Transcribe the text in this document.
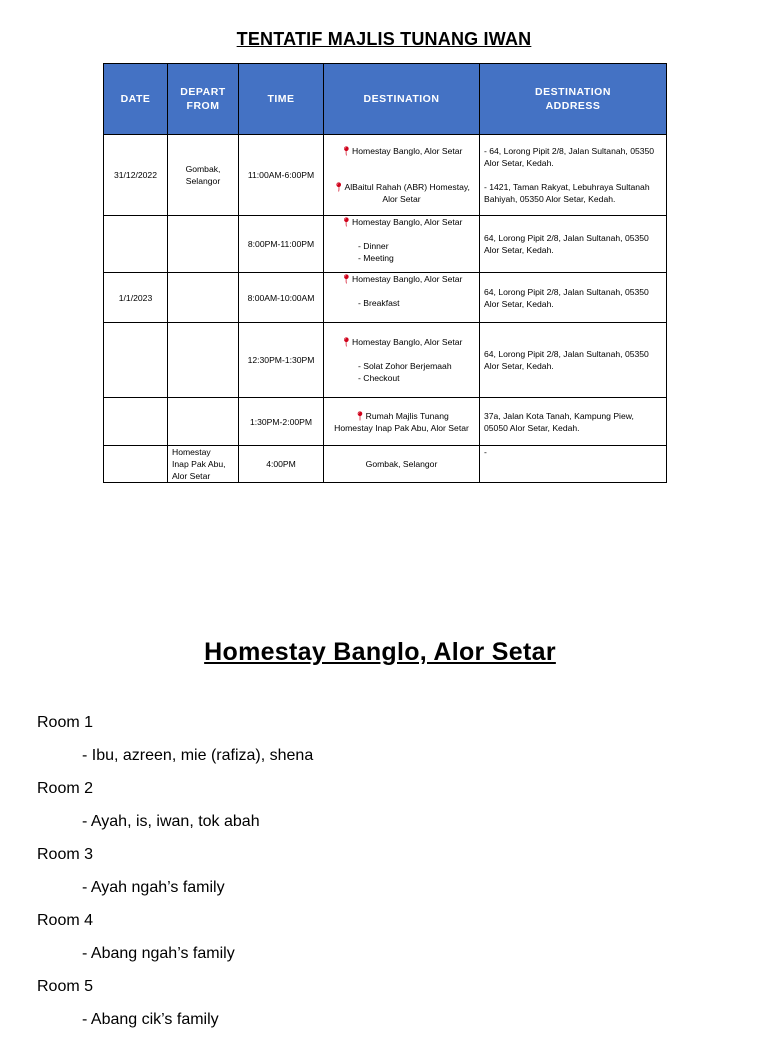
TENTATIF MAJLIS TUNANG IWAN
DATE	DEPART
FROM	TIME	DESTINATION	DESTINATION
ADDRESS
31/12/2022	Gombak,
Selangor	11:00AM-6:00PM	📍︎Homestay Banglo, Alor Setar
📍︎AlBaitul Rahah (ABR) Homestay,
Alor Setar	- 64, Lorong Pipit 2/8, Jalan Sultanah, 05350
Alor Setar, Kedah.
- 1421, Taman Rakyat, Lebuhraya Sultanah
Bahiyah, 05350 Alor Setar, Kedah.
		8:00PM-11:00PM	📍︎Homestay Banglo, Alor Setar
- Dinner
- Meeting	64, Lorong Pipit 2/8, Jalan Sultanah, 05350
Alor Setar, Kedah.
1/1/2023		8:00AM-10:00AM	📍︎Homestay Banglo, Alor Setar
- Breakfast	64, Lorong Pipit 2/8, Jalan Sultanah, 05350
Alor Setar, Kedah.
		12:30PM-1:30PM	📍︎Homestay Banglo, Alor Setar
- Solat Zohor Berjemaah
- Checkout	64, Lorong Pipit 2/8, Jalan Sultanah, 05350
Alor Setar, Kedah.
		1:30PM-2:00PM	📍︎Rumah Majlis Tunang
Homestay Inap Pak Abu, Alor Setar	37a, Jalan Kota Tanah, Kampung Piew,
05050 Alor Setar, Kedah.
	Homestay
Inap Pak Abu,
Alor Setar	4:00PM	Gombak, Selangor	-
Homestay Banglo, Alor Setar
Room 1
- Ibu, azreen, mie (rafiza), shena
Room 2
- Ayah, is, iwan, tok abah
Room 3
- Ayah ngah’s family
Room 4
- Abang ngah’s family
Room 5
- Abang cik’s family
